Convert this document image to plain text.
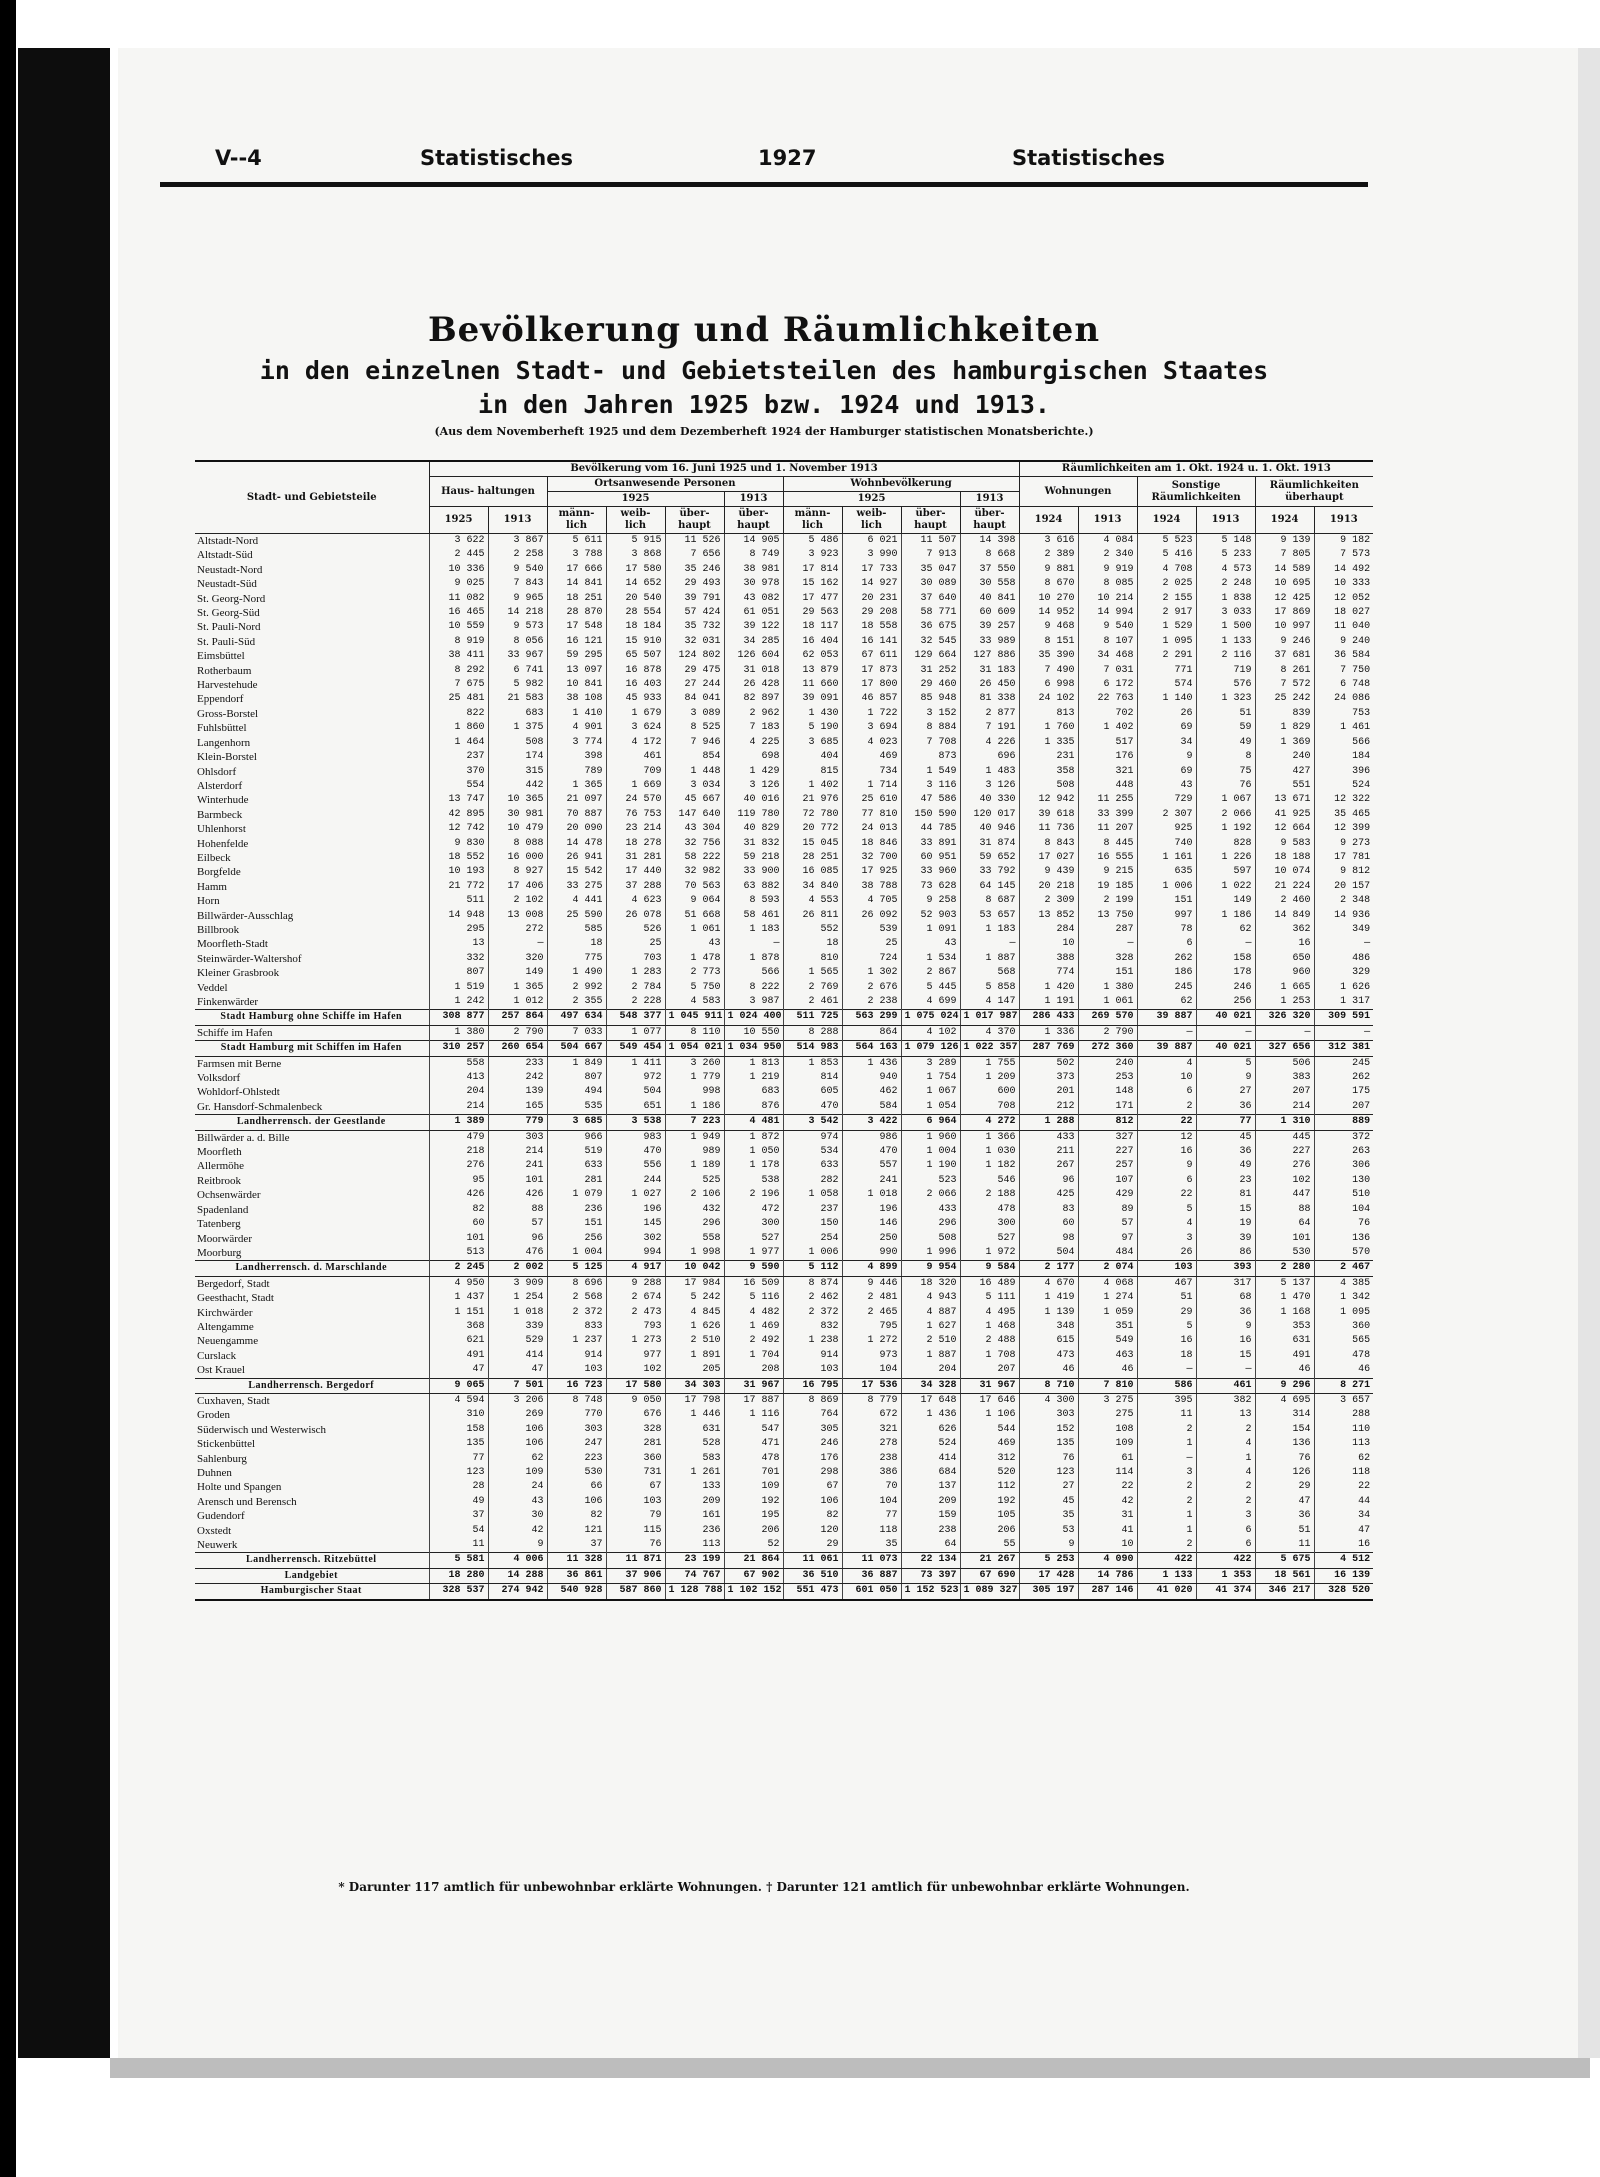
V--4	Statistisches	1927	Statistisches
Bevölkerung und Räumlichkeiten
in den einzelnen Stadt- und Gebietsteilen des hamburgischen Staates
in den Jahren 1925 bzw. 1924 und 1913.
(Aus dem Novemberheft 1925 und dem Dezemberheft 1924 der Hamburger statistischen Monatsberichte.)
Stadt- und Gebietsteile	Bevölkerung vom 16. Juni 1925 und 1. November 1913										Räumlichkeiten am 1. Okt. 1924 u. 1. Okt. 1913					
	Haus- haltungen		Ortsanwesende Personen				Wohnbevölkerung				Wohnungen		Sonstige Räumlichkeiten		Räumlichkeiten überhaupt	
			1925			1913	1925			1913						
	1925	1913	männ- lich	weib- lich	über- haupt	über- haupt	männ- lich	weib- lich	über- haupt	über- haupt	1924	1913	1924	1913	1924	1913
Altstadt-Nord	3 622	3 867	5 611	5 915	11 526	14 905	5 486	6 021	11 507	14 398	3 616	4 084	5 523	5 148	9 139	9 182
Altstadt-Süd	2 445	2 258	3 788	3 868	7 656	8 749	3 923	3 990	7 913	8 668	2 389	2 340	5 416	5 233	7 805	7 573
Neustadt-Nord	10 336	9 540	17 666	17 580	35 246	38 981	17 814	17 733	35 047	37 550	9 881	9 919	4 708	4 573	14 589	14 492
Neustadt-Süd	9 025	7 843	14 841	14 652	29 493	30 978	15 162	14 927	30 089	30 558	8 670	8 085	2 025	2 248	10 695	10 333
St. Georg-Nord	11 082	9 965	18 251	20 540	39 791	43 082	17 477	20 231	37 640	40 841	10 270	10 214	2 155	1 838	12 425	12 052
St. Georg-Süd	16 465	14 218	28 870	28 554	57 424	61 051	29 563	29 208	58 771	60 609	14 952	14 994	2 917	3 033	17 869	18 027
St. Pauli-Nord	10 559	9 573	17 548	18 184	35 732	39 122	18 117	18 558	36 675	39 257	9 468	9 540	1 529	1 500	10 997	11 040
St. Pauli-Süd	8 919	8 056	16 121	15 910	32 031	34 285	16 404	16 141	32 545	33 989	8 151	8 107	1 095	1 133	9 246	9 240
Eimsbüttel	38 411	33 967	59 295	65 507	124 802	126 604	62 053	67 611	129 664	127 886	35 390	34 468	2 291	2 116	37 681	36 584
Rotherbaum	8 292	6 741	13 097	16 878	29 475	31 018	13 879	17 873	31 252	31 183	7 490	7 031	771	719	8 261	7 750
Harvestehude	7 675	5 982	10 841	16 403	27 244	26 428	11 660	17 800	29 460	26 450	6 998	6 172	574	576	7 572	6 748
Eppendorf	25 481	21 583	38 108	45 933	84 041	82 897	39 091	46 857	85 948	81 338	24 102	22 763	1 140	1 323	25 242	24 086
Gross-Borstel	822	683	1 410	1 679	3 089	2 962	1 430	1 722	3 152	2 877	813	702	26	51	839	753
Fuhlsbüttel	1 860	1 375	4 901	3 624	8 525	7 183	5 190	3 694	8 884	7 191	1 760	1 402	69	59	1 829	1 461
Langenhorn	1 464	508	3 774	4 172	7 946	4 225	3 685	4 023	7 708	4 226	1 335	517	34	49	1 369	566
Klein-Borstel	237	174	398	461	854	698	404	469	873	696	231	176	9	8	240	184
Ohlsdorf	370	315	789	709	1 448	1 429	815	734	1 549	1 483	358	321	69	75	427	396
Alsterdorf	554	442	1 365	1 669	3 034	3 126	1 402	1 714	3 116	3 126	508	448	43	76	551	524
Winterhude	13 747	10 365	21 097	24 570	45 667	40 016	21 976	25 610	47 586	40 330	12 942	11 255	729	1 067	13 671	12 322
Barmbeck	42 895	30 981	70 887	76 753	147 640	119 780	72 780	77 810	150 590	120 017	39 618	33 399	2 307	2 066	41 925	35 465
Uhlenhorst	12 742	10 479	20 090	23 214	43 304	40 829	20 772	24 013	44 785	40 946	11 736	11 207	925	1 192	12 664	12 399
Hohenfelde	9 830	8 088	14 478	18 278	32 756	31 832	15 045	18 846	33 891	31 874	8 843	8 445	740	828	9 583	9 273
Eilbeck	18 552	16 000	26 941	31 281	58 222	59 218	28 251	32 700	60 951	59 652	17 027	16 555	1 161	1 226	18 188	17 781
Borgfelde	10 193	8 927	15 542	17 440	32 982	33 900	16 085	17 925	33 960	33 792	9 439	9 215	635	597	10 074	9 812
Hamm	21 772	17 406	33 275	37 288	70 563	63 882	34 840	38 788	73 628	64 145	20 218	19 185	1 006	1 022	21 224	20 157
Horn	511	2 102	4 441	4 623	9 064	8 593	4 553	4 705	9 258	8 687	2 309	2 199	151	149	2 460	2 348
Billwärder-Ausschlag	14 948	13 008	25 590	26 078	51 668	58 461	26 811	26 092	52 903	53 657	13 852	13 750	997	1 186	14 849	14 936
Billbrook	295	272	585	526	1 061	1 183	552	539	1 091	1 183	284	287	78	62	362	349
Moorfleth-Stadt	13	—	18	25	43	—	18	25	43	—	10	—	6	—	16	—
Steinwärder-Waltershof	332	320	775	703	1 478	1 878	810	724	1 534	1 887	388	328	262	158	650	486
Kleiner Grasbrook	807	149	1 490	1 283	2 773	566	1 565	1 302	2 867	568	774	151	186	178	960	329
Veddel	1 519	1 365	2 992	2 784	5 750	8 222	2 769	2 676	5 445	5 858	1 420	1 380	245	246	1 665	1 626
Finkenwärder	1 242	1 012	2 355	2 228	4 583	3 987	2 461	2 238	4 699	4 147	1 191	1 061	62	256	1 253	1 317
Stadt Hamburg ohne Schiffe im Hafen	308 877	257 864	497 634	548 377	1 045 911	1 024 400	511 725	563 299	1 075 024	1 017 987	286 433	269 570	39 887	40 021	326 320	309 591
Schiffe im Hafen	1 380	2 790	7 033	1 077	8 110	10 550	8 288	864	4 102	4 370	1 336	2 790	—	—	—	—
Stadt Hamburg mit Schiffen im Hafen	310 257	260 654	504 667	549 454	1 054 021	1 034 950	514 983	564 163	1 079 126	1 022 357	287 769	272 360	39 887	40 021	327 656	312 381
Farmsen mit Berne	558	233	1 849	1 411	3 260	1 813	1 853	1 436	3 289	1 755	502	240	4	5	506	245
Volksdorf	413	242	807	972	1 779	1 219	814	940	1 754	1 209	373	253	10	9	383	262
Wohldorf-Ohlstedt	204	139	494	504	998	683	605	462	1 067	600	201	148	6	27	207	175
Gr. Hansdorf-Schmalenbeck	214	165	535	651	1 186	876	470	584	1 054	708	212	171	2	36	214	207
Landherrensch. der Geestlande	1 389	779	3 685	3 538	7 223	4 481	3 542	3 422	6 964	4 272	1 288	812	22	77	1 310	889
Billwärder a. d. Bille	479	303	966	983	1 949	1 872	974	986	1 960	1 366	433	327	12	45	445	372
Moorfleth	218	214	519	470	989	1 050	534	470	1 004	1 030	211	227	16	36	227	263
Allermöhe	276	241	633	556	1 189	1 178	633	557	1 190	1 182	267	257	9	49	276	306
Reitbrook	95	101	281	244	525	538	282	241	523	546	96	107	6	23	102	130
Ochsenwärder	426	426	1 079	1 027	2 106	2 196	1 058	1 018	2 066	2 188	425	429	22	81	447	510
Spadenland	82	88	236	196	432	472	237	196	433	478	83	89	5	15	88	104
Tatenberg	60	57	151	145	296	300	150	146	296	300	60	57	4	19	64	76
Moorwärder	101	96	256	302	558	527	254	250	508	527	98	97	3	39	101	136
Moorburg	513	476	1 004	994	1 998	1 977	1 006	990	1 996	1 972	504	484	26	86	530	570
Landherrensch. d. Marschlande	2 245	2 002	5 125	4 917	10 042	9 590	5 112	4 899	9 954	9 584	2 177	2 074	103	393	2 280	2 467
Bergedorf, Stadt	4 950	3 909	8 696	9 288	17 984	16 509	8 874	9 446	18 320	16 489	4 670	4 068	467	317	5 137	4 385
Geesthacht, Stadt	1 437	1 254	2 568	2 674	5 242	5 116	2 462	2 481	4 943	5 111	1 419	1 274	51	68	1 470	1 342
Kirchwärder	1 151	1 018	2 372	2 473	4 845	4 482	2 372	2 465	4 887	4 495	1 139	1 059	29	36	1 168	1 095
Altengamme	368	339	833	793	1 626	1 469	832	795	1 627	1 468	348	351	5	9	353	360
Neuengamme	621	529	1 237	1 273	2 510	2 492	1 238	1 272	2 510	2 488	615	549	16	16	631	565
Curslack	491	414	914	977	1 891	1 704	914	973	1 887	1 708	473	463	18	15	491	478
Ost Krauel	47	47	103	102	205	208	103	104	204	207	46	46	—	—	46	46
Landherrensch. Bergedorf	9 065	7 501	16 723	17 580	34 303	31 967	16 795	17 536	34 328	31 967	8 710	7 810	586	461	9 296	8 271
Cuxhaven, Stadt	4 594	3 206	8 748	9 050	17 798	17 887	8 869	8 779	17 648	17 646	4 300	3 275	395	382	4 695	3 657
Groden	310	269	770	676	1 446	1 116	764	672	1 436	1 106	303	275	11	13	314	288
Süderwisch und Westerwisch	158	106	303	328	631	547	305	321	626	544	152	108	2	2	154	110
Stickenbüttel	135	106	247	281	528	471	246	278	524	469	135	109	1	4	136	113
Sahlenburg	77	62	223	360	583	478	176	238	414	312	76	61	—	1	76	62
Duhnen	123	109	530	731	1 261	701	298	386	684	520	123	114	3	4	126	118
Holte und Spangen	28	24	66	67	133	109	67	70	137	112	27	22	2	2	29	22
Arensch und Berensch	49	43	106	103	209	192	106	104	209	192	45	42	2	2	47	44
Gudendorf	37	30	82	79	161	195	82	77	159	105	35	31	1	3	36	34
Oxstedt	54	42	121	115	236	206	120	118	238	206	53	41	1	6	51	47
Neuwerk	11	9	37	76	113	52	29	35	64	55	9	10	2	6	11	16
Landherrensch. Ritzebüttel	5 581	4 006	11 328	11 871	23 199	21 864	11 061	11 073	22 134	21 267	5 253	4 090	422	422	5 675	4 512
Landgebiet	18 280	14 288	36 861	37 906	74 767	67 902	36 510	36 887	73 397	67 690	17 428	14 786	1 133	1 353	18 561	16 139
Hamburgischer Staat	328 537	274 942	540 928	587 860	1 128 788	1 102 152	551 473	601 050	1 152 523	1 089 327	305 197	287 146	41 020	41 374	346 217	328 520
* Darunter 117 amtlich für unbewohnbar erklärte Wohnungen. † Darunter 121 amtlich für unbewohnbar erklärte Wohnungen.
